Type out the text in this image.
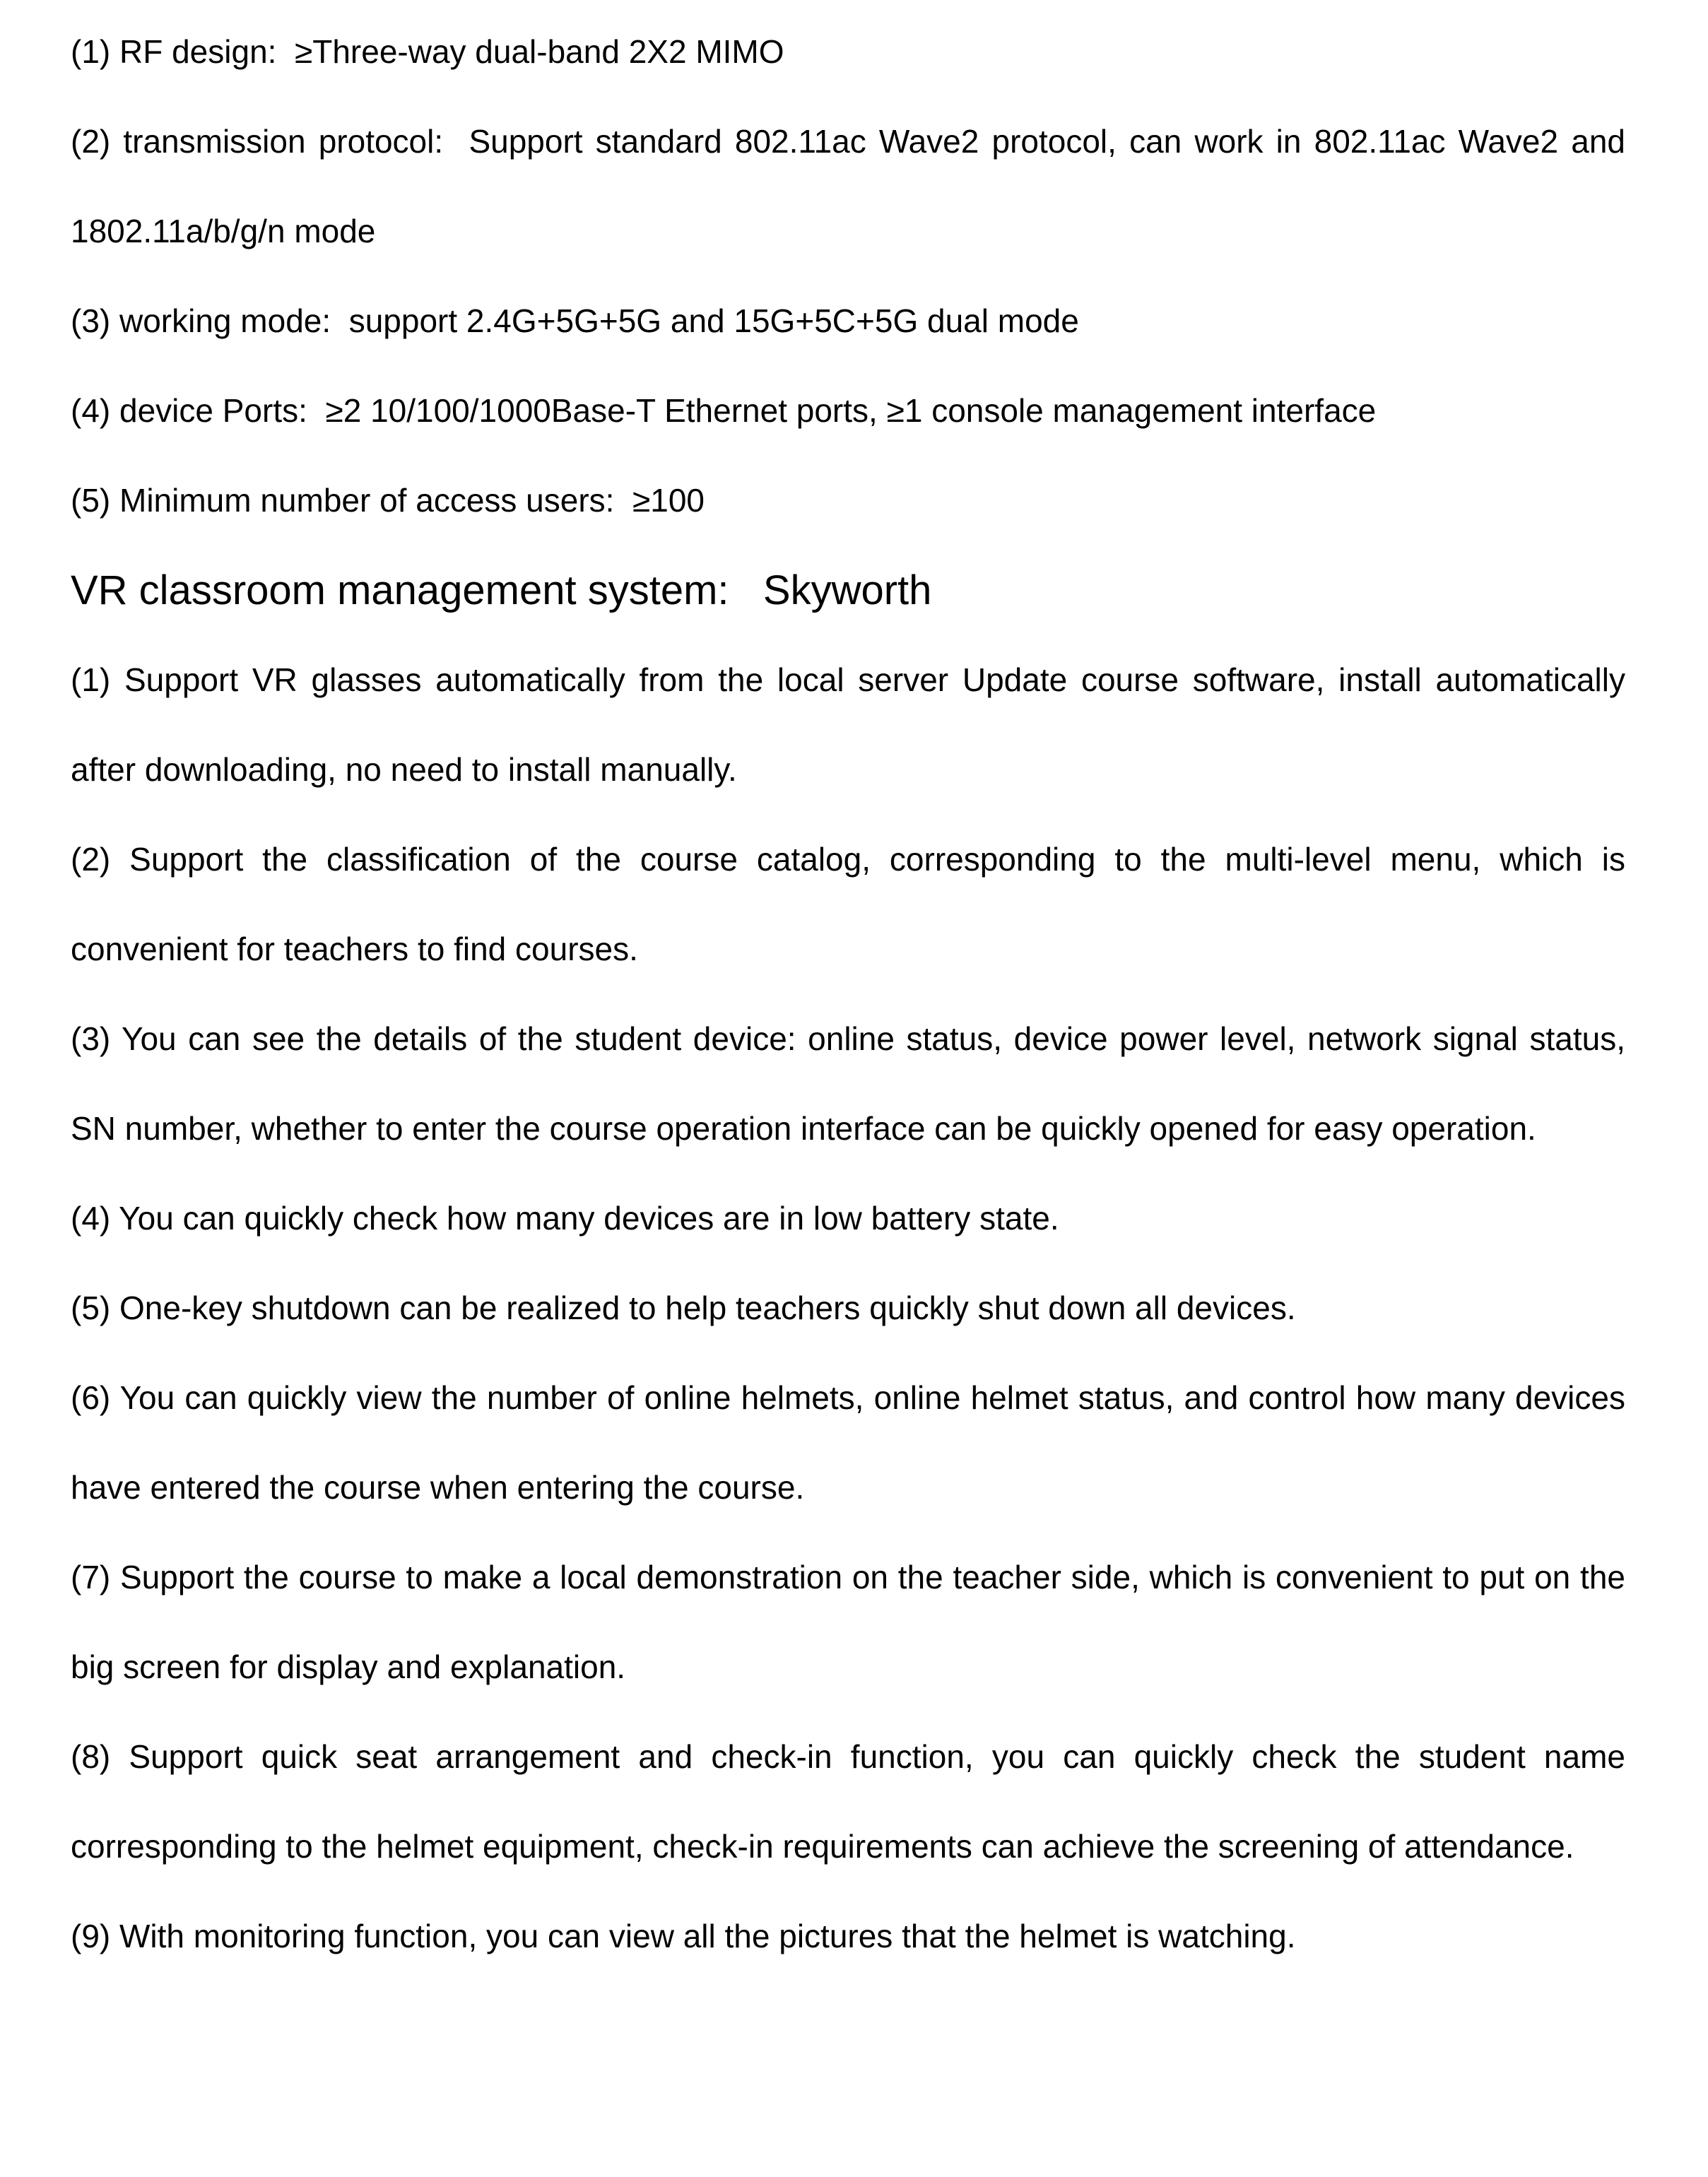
(1) RF design:  ≥Three-way dual-band 2X2 MIMO

(2) transmission protocol:  Support standard 802.11ac Wave2 protocol, can work in 802.11ac Wave2 and 1802.11a/b/g/n mode

(3) working mode:  support 2.4G+5G+5G and 15G+5C+5G dual mode

(4) device Ports:  ≥2 10/100/1000Base-T Ethernet ports, ≥1 console management interface

(5) Minimum number of access users:  ≥100

VR classroom management system:   Skyworth

(1) Support VR glasses automatically from the local server Update course software, install automatically after downloading, no need to install manually.

(2) Support the classification of the course catalog, corresponding to the multi-level menu, which is convenient for teachers to find courses.

(3) You can see the details of the student device: online status, device power level, network signal status, SN number, whether to enter the course operation interface can be quickly opened for easy operation.

(4) You can quickly check how many devices are in low battery state.

(5) One-key shutdown can be realized to help teachers quickly shut down all devices.

(6) You can quickly view the number of online helmets, online helmet status, and control how many devices have entered the course when entering the course.

(7) Support the course to make a local demonstration on the teacher side, which is convenient to put on the big screen for display and explanation.

(8) Support quick seat arrangement and check-in function, you can quickly check the student name corresponding to the helmet equipment, check-in requirements can achieve the screening of attendance.

(9) With monitoring function, you can view all the pictures that the helmet is watching.
